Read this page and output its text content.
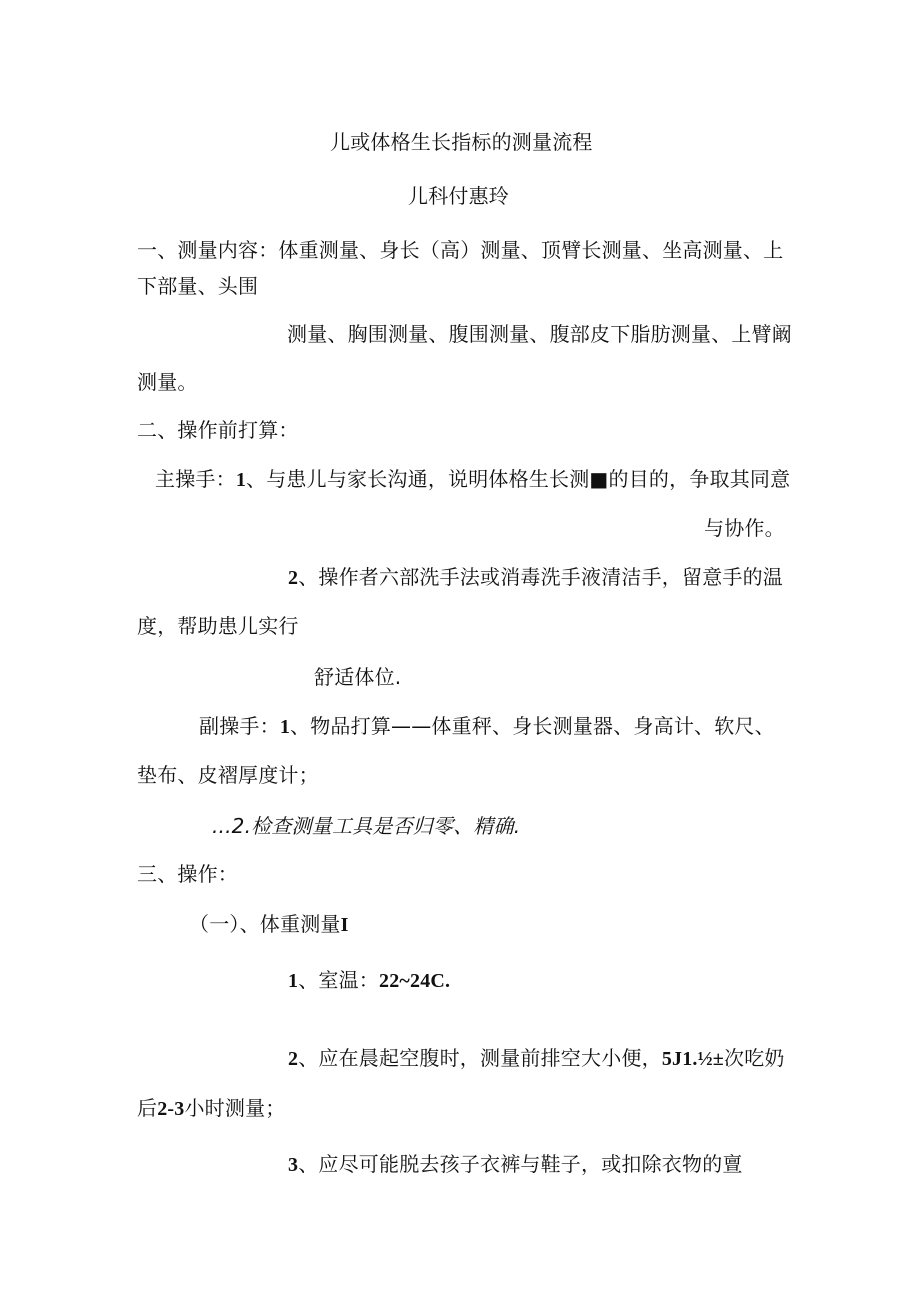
儿或体格生长指标的测量流程
儿科付惠玲
一、测量内容：体重测量、身长（高）测量、顶臂长测量、坐高测量、上
下部量、头围
测量、胸围测量、腹围测量、腹部皮下脂肪测量、上臂阚
测量。
二、操作前打算：
主操手：1、与患儿与家长沟通，说明体格生长测■的目的，争取其同意
与协作。
2、操作者六部洗手法或消毒洗手液清洁手，留意手的温
度，帮助患儿实行
舒适体位.
副操手：1、物品打算——体重秤、身长测量器、身高计、软尺、
垫布、皮褶厚度计；
...2.检查测量工具是否归零、精确.
三、操作：
（一）、体重测量I
1、室温：22~24C.
2、应在晨起空腹时，测量前排空大小便，5J1.½±次吃奶
后2-3小时测量；
3、应尽可能脱去孩子衣裤与鞋子，或扣除衣物的亶
